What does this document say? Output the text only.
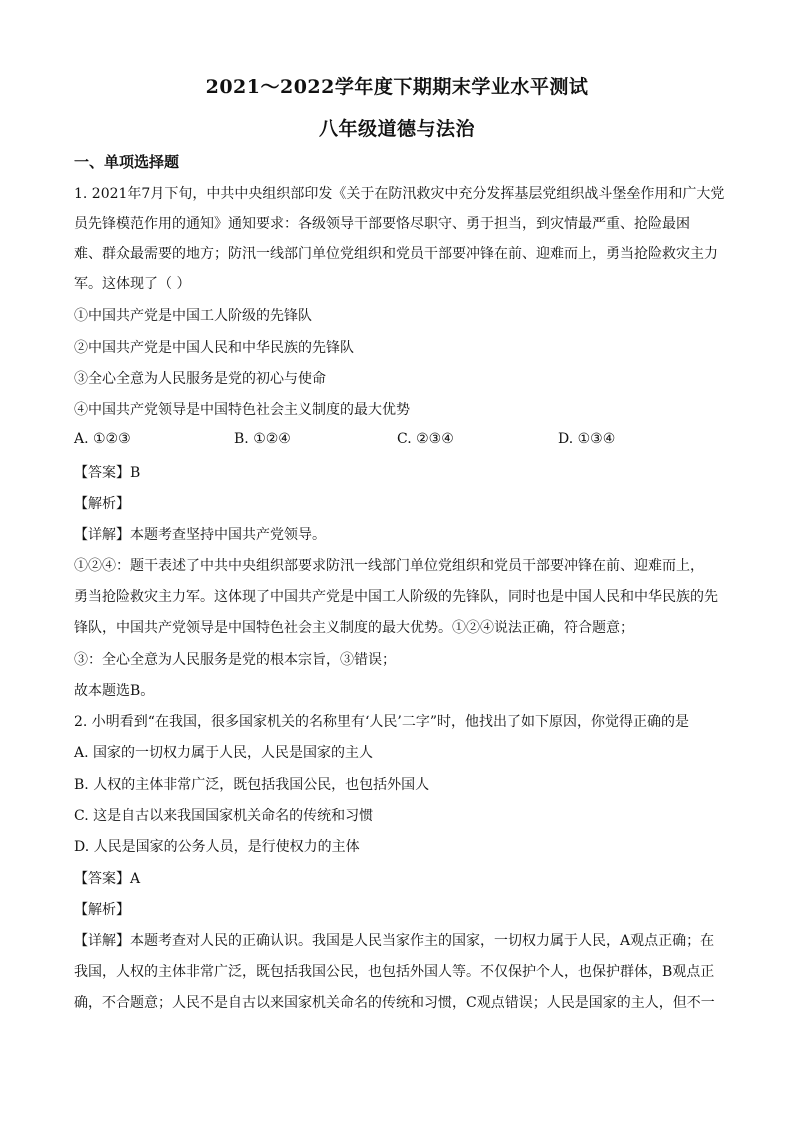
2021～2022学年度下期期末学业水平测试
八年级道德与法治
一、单项选择题
1. 2021年7月下旬，中共中央组织部印发《关于在防汛救灾中充分发挥基层党组织战斗堡垒作用和广大党
员先锋模范作用的通知》通知要求：各级领导干部要恪尽职守、勇于担当，到灾情最严重、抢险最困
难、群众最需要的地方；防汛一线部门单位党组织和党员干部要冲锋在前、迎难而上，勇当抢险救灾主力
军。这体现了（ ）
①中国共产党是中国工人阶级的先锋队
②中国共产党是中国人民和中华民族的先锋队
③全心全意为人民服务是党的初心与使命
④中国共产党领导是中国特色社会主义制度的最大优势
A. ①②③	B. ①②④	C. ②③④	D. ①③④
【答案】B
【解析】
【详解】本题考查坚持中国共产党领导。
①②④：题干表述了中共中央组织部要求防汛一线部门单位党组织和党员干部要冲锋在前、迎难而上，
勇当抢险救灾主力军。这体现了中国共产党是中国工人阶级的先锋队，同时也是中国人民和中华民族的先
锋队，中国共产党领导是中国特色社会主义制度的最大优势。①②④说法正确，符合题意；
③：全心全意为人民服务是党的根本宗旨，③错误；
故本题选B。
2. 小明看到“在我国，很多国家机关的名称里有‘人民’二字”时，他找出了如下原因，你觉得正确的是
A. 国家的一切权力属于人民，人民是国家的主人
B. 人权的主体非常广泛，既包括我国公民，也包括外国人
C. 这是自古以来我国国家机关命名的传统和习惯
D. 人民是国家的公务人员，是行使权力的主体
【答案】A
【解析】
【详解】本题考查对人民的正确认识。我国是人民当家作主的国家，一切权力属于人民，A观点正确；在
我国，人权的主体非常广泛，既包括我国公民，也包括外国人等。不仅保护个人，也保护群体，B观点正
确，不合题意；人民不是自古以来国家机关命名的传统和习惯，C观点错误；人民是国家的主人，但不一
